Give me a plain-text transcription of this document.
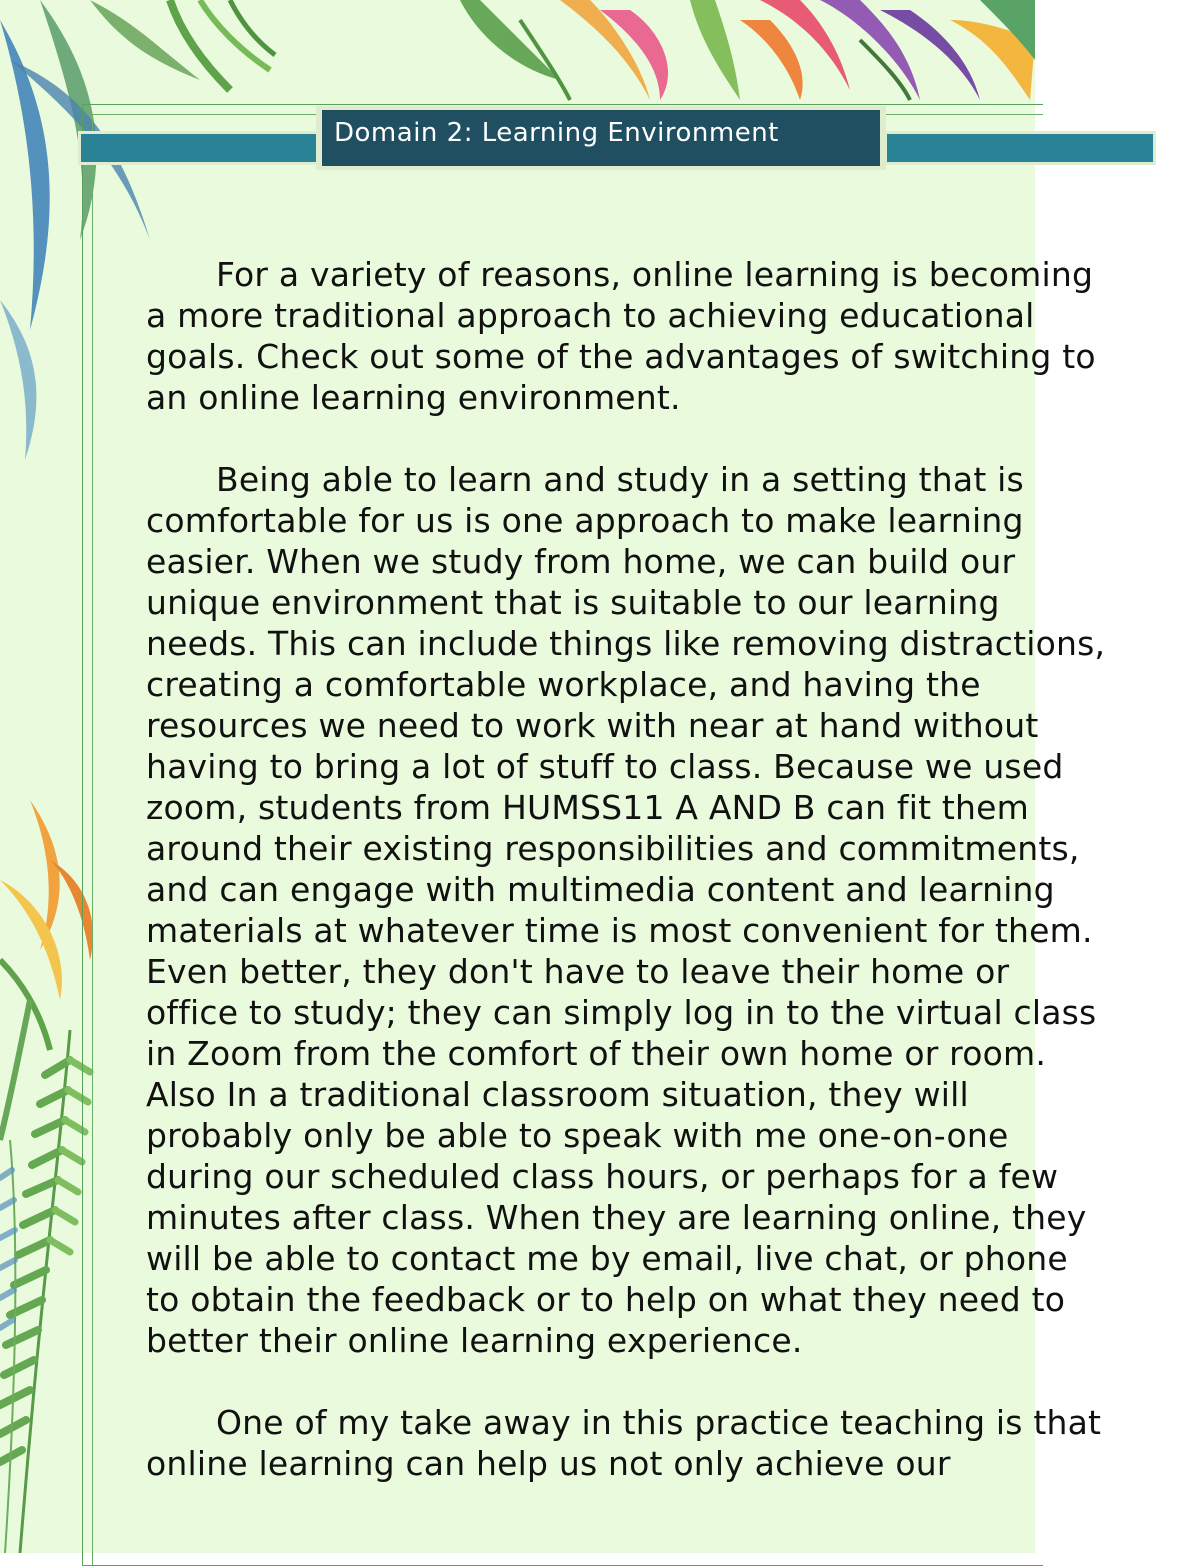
Domain 2: Learning Environment

For a variety of reasons, online learning is becoming a more traditional approach to achieving educational goals. Check out some of the advantages of switching to an online learning environment.

Being able to learn and study in a setting that is comfortable for us is one approach to make learning easier. When we study from home, we can build our unique environment that is suitable to our learning needs. This can include things like removing distractions, creating a comfortable workplace, and having the resources we need to work with near at hand without having to bring a lot of stuff to class. Because we used zoom, students from HUMSS11 A AND B can fit them around their existing responsibilities and commitments, and can engage with multimedia content and learning materials at whatever time is most convenient for them. Even better, they don't have to leave their home or office to study; they can simply log in to the virtual class in Zoom from the comfort of their own home or room. Also In a traditional classroom situation, they will probably only be able to speak with me one-on-one during our scheduled class hours, or perhaps for a few minutes after class. When they are learning online, they will be able to contact me by email, live chat, or phone to obtain the feedback or to help on what they need to better their online learning experience.

One of my take away in this practice teaching is that online learning can help us not only achieve our
